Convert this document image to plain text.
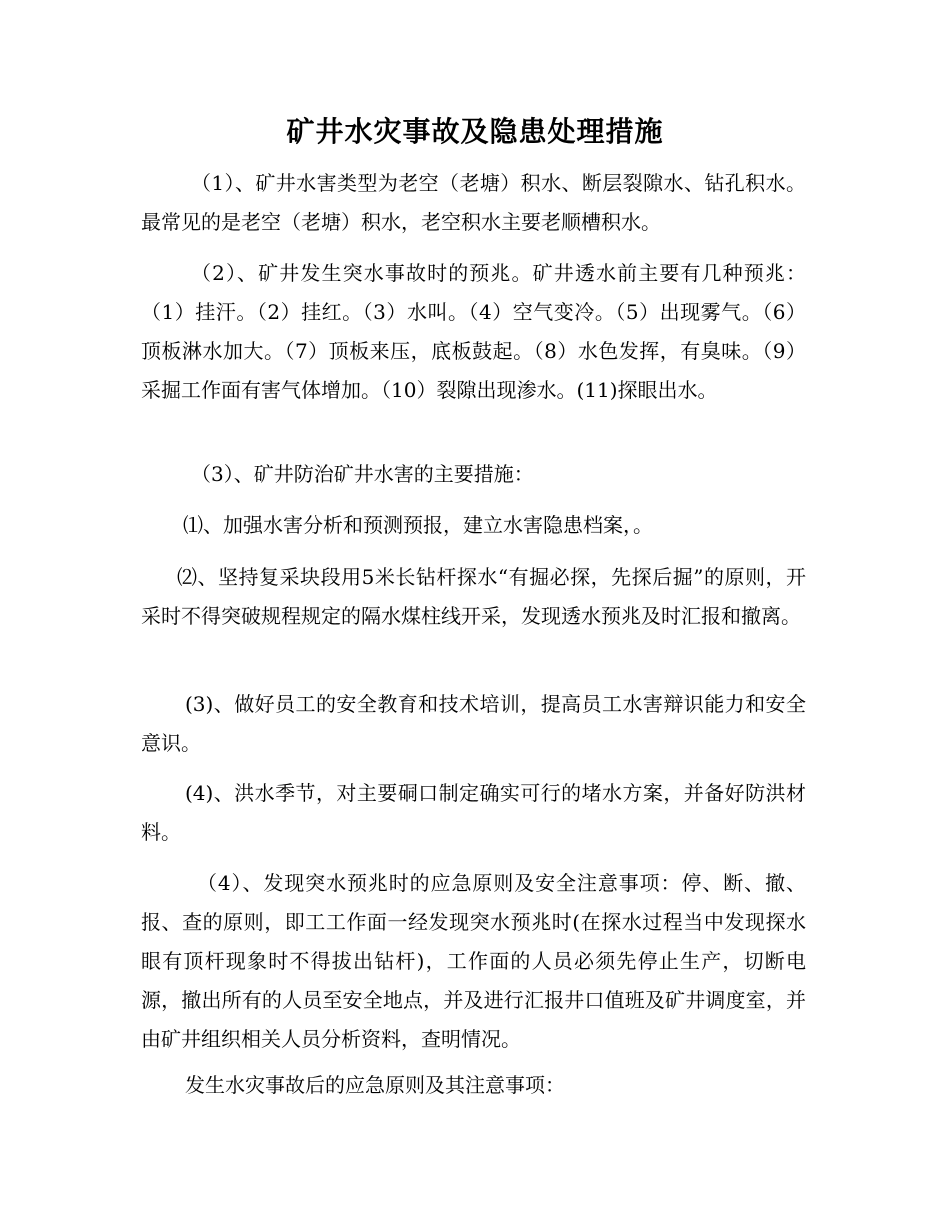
矿井水灾事故及隐患处理措施

（1）、矿井水害类型为老空（老塘）积水、断层裂隙水、钻孔积水。最常见的是老空（老塘）积水，老空积水主要老顺槽积水。

（2）、矿井发生突水事故时的预兆。矿井透水前主要有几种预兆：（1）挂汗。（2）挂红。（3）水叫。（4）空气变冷。（5）出现雾气。（6）顶板淋水加大。（7）顶板来压，底板鼓起。（8）水色发挥，有臭味。（9）采掘工作面有害气体增加。（10）裂隙出现渗水。(11)探眼出水。

（3）、矿井防治矿井水害的主要措施：

⑴、加强水害分析和预测预报，建立水害隐患档案，。

⑵、坚持复采块段用5米长钻杆探水“有掘必探，先探后掘”的原则，开采时不得突破规程规定的隔水煤柱线开采，发现透水预兆及时汇报和撤离。

(3)、做好员工的安全教育和技术培训，提高员工水害辩识能力和安全意识。

(4)、洪水季节，对主要硐口制定确实可行的堵水方案，并备好防洪材料。

（4）、发现突水预兆时的应急原则及安全注意事项：停、断、撤、报、查的原则，即工工作面一经发现突水预兆时(在探水过程当中发现探水眼有顶杆现象时不得拔出钻杆)，工作面的人员必须先停止生产，切断电源，撤出所有的人员至安全地点，并及进行汇报井口值班及矿井调度室，并由矿井组织相关人员分析资料，查明情况。

发生水灾事故后的应急原则及其注意事项：
